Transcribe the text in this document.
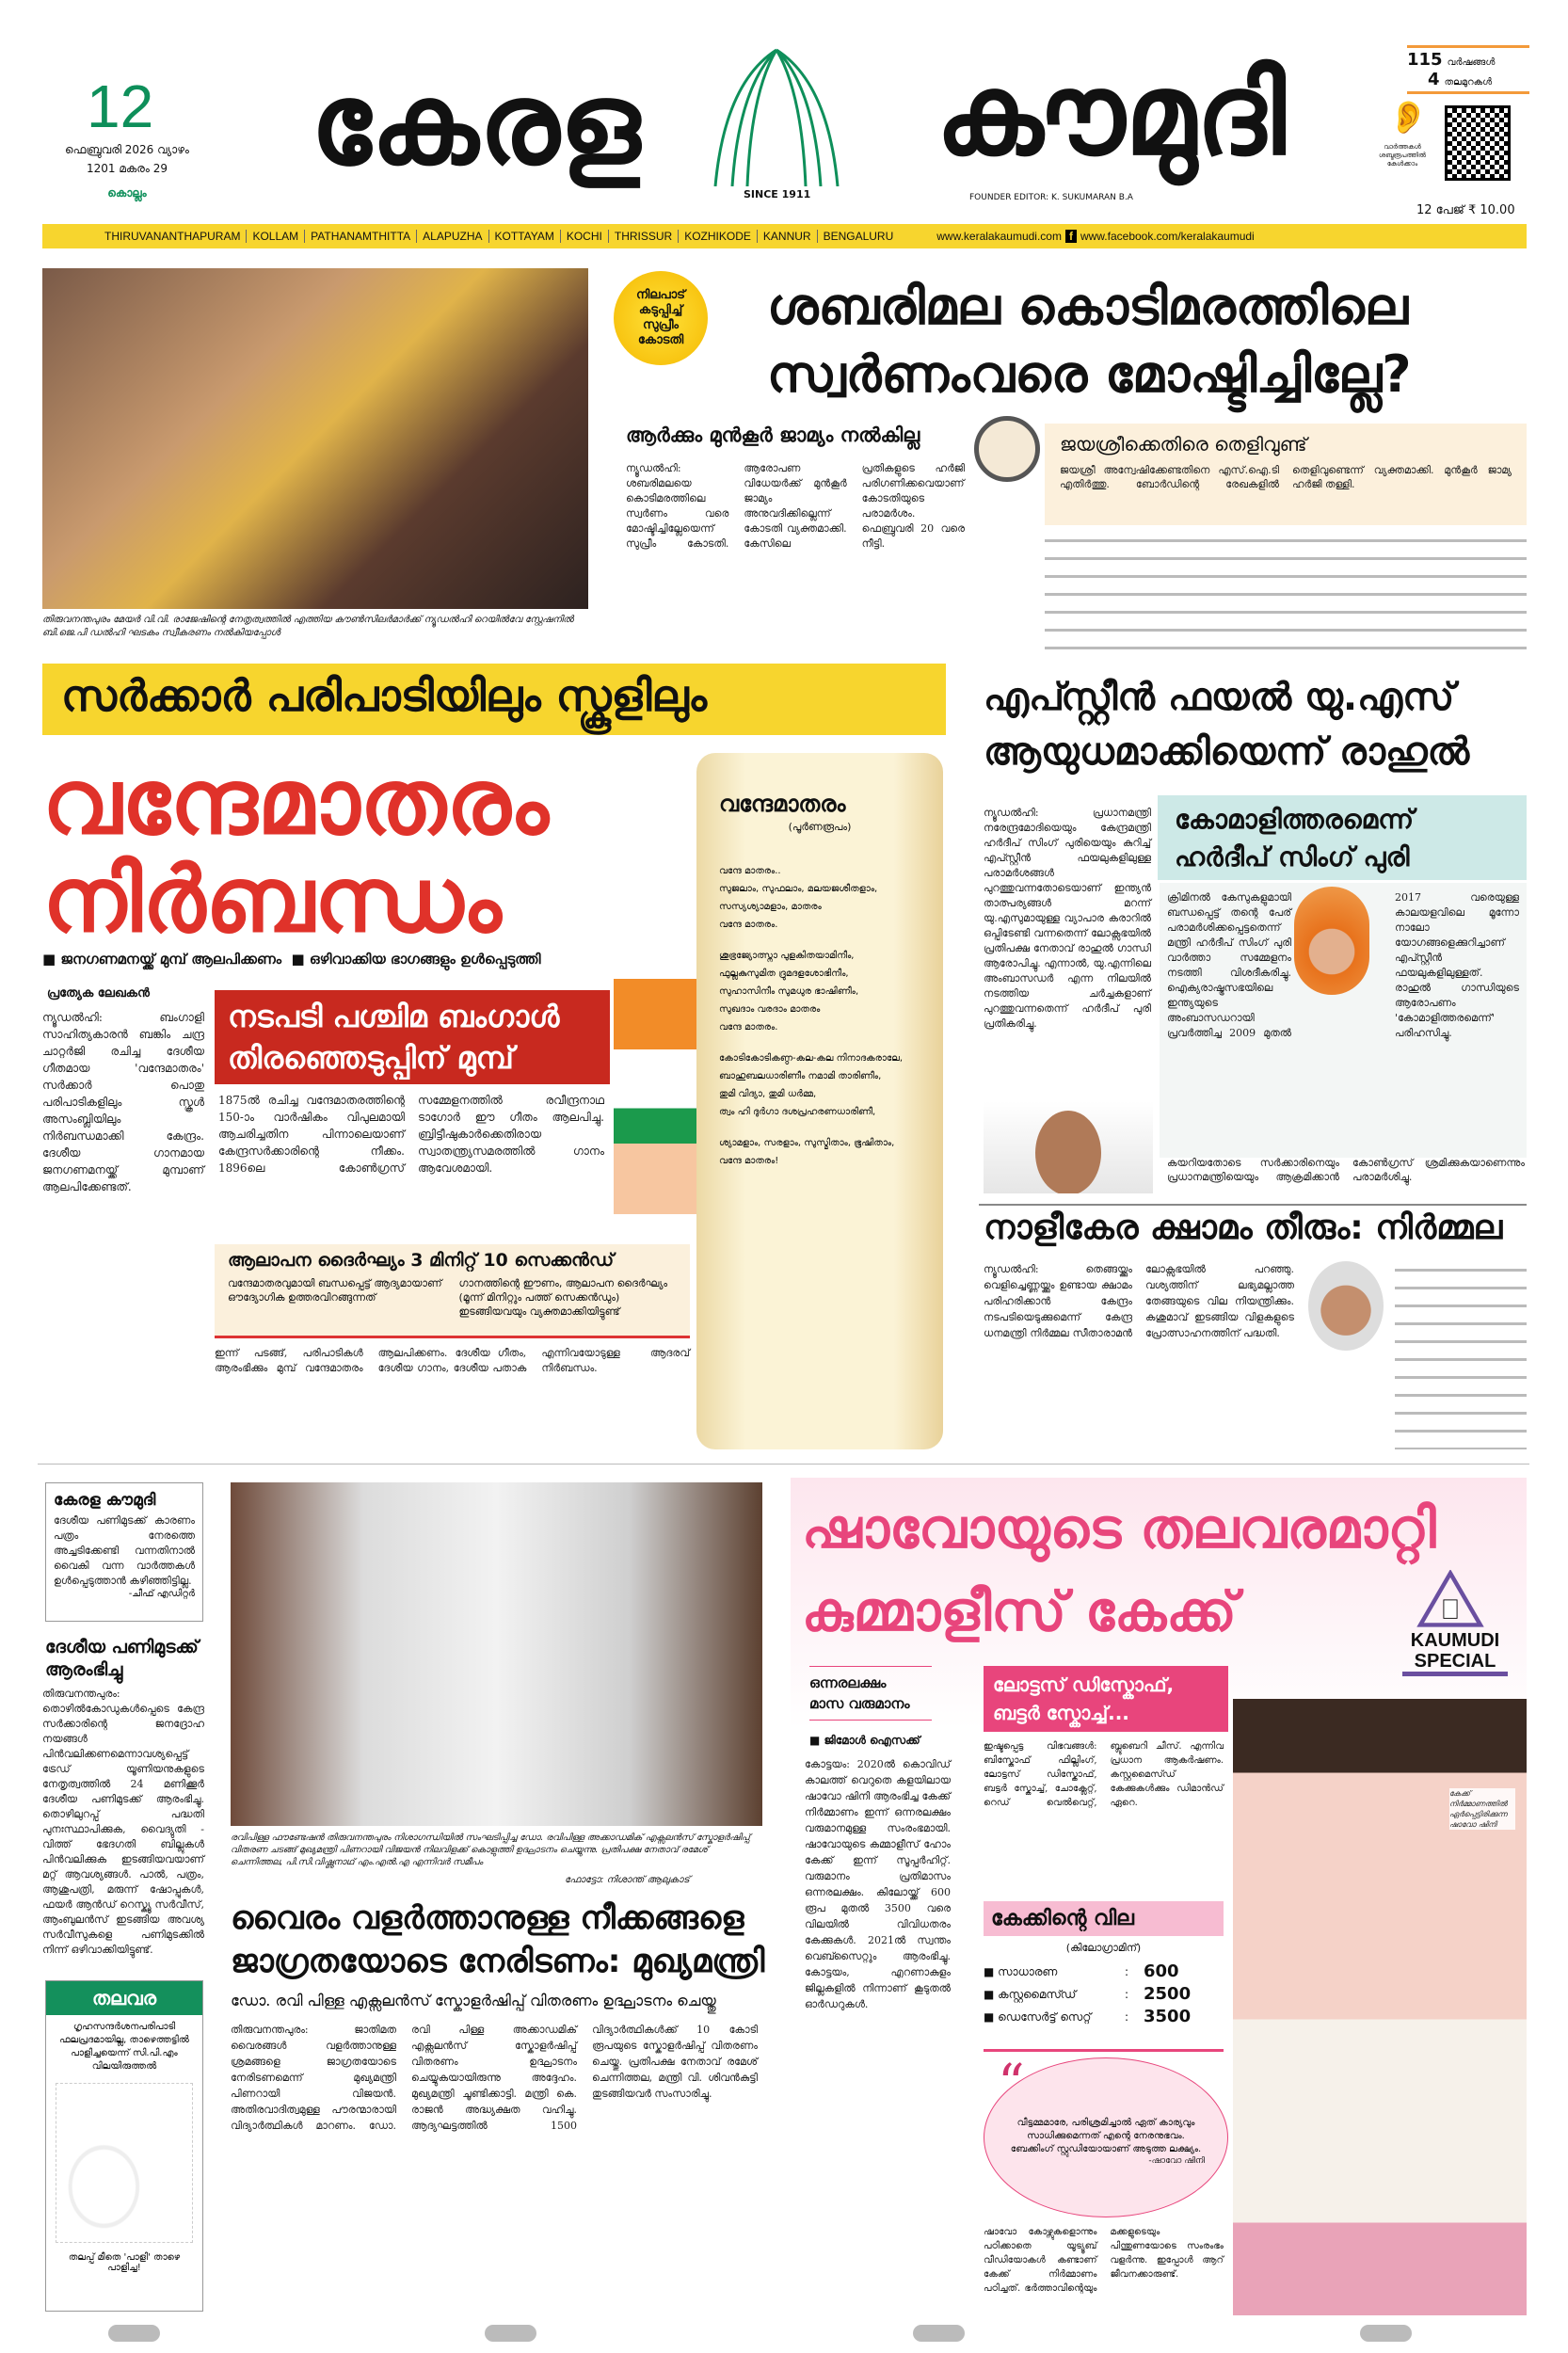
12
ഫെബ്രുവരി 2026 വ്യാഴം
1201 മകരം 29
കൊല്ലം
കേരള
SINCE 1911
കൗമുദി
FOUNDER EDITOR: K. SUKUMARAN B.A
115 വർഷങ്ങൾ
4 തലമുറകൾ
👂
വാർത്തകൾ ശബ്ദരൂപത്തിൽ കേൾക്കാം
12 പേജ് ₹ 10.00
THIRUVANANTHAPURAM	KOLLAM	PATHANAMTHITTA	ALAPUZHA	KOTTAYAM	KOCHI	THRISSUR	KOZHIKODE	KANNUR	BENGALURU	www.keralakaumudi.com f www.facebook.com/keralakaumudi
തിരുവനന്തപുരം മേയർ വി.വി. രാജേഷിന്റെ നേതൃത്വത്തിൽ എത്തിയ കൗൺസിലർമാർക്ക് ന്യൂഡൽഹി റെയിൽവേ സ്റ്റേഷനിൽ ബി.ജെ.പി ഡൽഹി ഘടകം സ്വീകരണം നൽകിയപ്പോൾ
നിലപാട്
കടുപ്പിച്ച്
സുപ്രീം
കോടതി
ശബരിമല കൊടിമരത്തിലെ
സ്വർണംവരെ മോഷ്ടിച്ചില്ലേ?
ആർക്കും മുൻകൂർ ജാമ്യം നൽകില്ല	ജയശ്രീക്കെതിരെ തെളിവുണ്ട്
ജയശ്രീ അന്വേഷിക്കേണ്ടതിനെ എസ്.ഐ.ടി എതിർത്തു. ബോർഡിന്റെ രേഖകളിൽ തെളിവുണ്ടെന്ന് വ്യക്തമാക്കി. മുൻകൂർ ജാമ്യ ഹർജി തള്ളി.
ന്യൂഡൽഹി: ശബരിമലയെ കൊടിമരത്തിലെ സ്വർണം വരെ മോഷ്ടിച്ചില്ലേയെന്ന് സുപ്രീം കോടതി. ആരോപണ വിധേയർക്ക് മുൻകൂർ ജാമ്യം അനുവദിക്കില്ലെന്ന് കോടതി വ്യക്തമാക്കി. കേസിലെ പ്രതികളുടെ ഹർജി പരിഗണിക്കവെയാണ് കോടതിയുടെ പരാമർശം. ഫെബ്രുവരി 20 വരെ നീട്ടി.
സർക്കാർ പരിപാടിയിലും സ്കൂളിലും
വന്ദേമാതരം
നിർബന്ധം
■ ജനഗണമനയ്ക്ക് മുമ്പ് ആലപിക്കണം  ■ ഒഴിവാക്കിയ ഭാഗങ്ങളും ഉൾപ്പെടുത്തി
പ്രത്യേക ലേഖകൻ
ന്യൂഡൽഹി: ബംഗാളി സാഹിത്യകാരൻ ബങ്കിം ചന്ദ്ര ചാറ്റർജി രചിച്ച ദേശീയ ഗീതമായ 'വന്ദേമാതരം' സർക്കാർ പൊതു പരിപാടികളിലും സ്കൂൾ അസംബ്ലിയിലും നിർബന്ധമാക്കി കേന്ദ്രം. ദേശീയ ഗാനമായ ജനഗണമനയ്ക്ക് മുമ്പാണ് ആലപിക്കേണ്ടത്.
നടപടി പശ്ചിമ ബംഗാൾ
തിരഞ്ഞെടുപ്പിന് മുമ്പ്
1875ൽ രചിച്ച വന്ദേമാതരത്തിന്റെ 150-ാം വാർഷികം വിപുലമായി ആചരിച്ചതിന പിന്നാലെയാണ് കേന്ദ്രസർക്കാരിന്റെ നീക്കം. 1896ലെ കോൺഗ്രസ് സമ്മേളനത്തിൽ രവീന്ദ്രനാഥ ടാഗോർ ഈ ഗീതം ആലപിച്ചു. ബ്രിട്ടീഷുകാർക്കെതിരായ സ്വാതന്ത്ര്യസമരത്തിൽ ഗാനം ആവേശമായി.
ആലാപന ദൈർഘ്യം 3 മിനിറ്റ് 10 സെക്കൻഡ്
വന്ദേമാതരവുമായി ബന്ധപ്പെട്ട് ആദ്യമായാണ് ഔദ്യോഗിക ഉത്തരവിറങ്ങുന്നത്
ഗാനത്തിന്റെ ഈണം, ആലാപന ദൈർഘ്യം (മൂന്ന് മിനിറ്റും പത്ത് സെക്കൻഡും) ഇടങ്ങിയവയും വ്യക്തമാക്കിയിട്ടുണ്ട്
ഇന്ന് പടങ്ങ്, പരിപാടികൾ ആരംഭിക്കും മുമ്പ് വന്ദേമാതരം ആലപിക്കണം. ദേശീയ ഗീതം, ദേശീയ ഗാനം, ദേശീയ പതാക എന്നിവയോടുള്ള ആദരവ് നിർബന്ധം.
വന്ദേമാതരം
(പൂർണരൂപം)
വന്ദേ മാതരം..
സുജലാം, സുഫലാം, മലയജശീതളാം,
സസ്യശ്യാമളാം, മാതരം
വന്ദേ മാതരം.
ശുഭ്രജ്യോത്സ്നാ പുളകിതയാമിനീം,
ഫുല്ലകുസുമിത ദ്രുമദളശോഭിനീം,
സുഹാസിനീം സുമധുര ഭാഷിണീം,
സുഖദാം വരദാം മാതരം
വന്ദേ മാതരം.
കോടികോടികണ്ഠ-കല-കല നിനാദകരാലേ,
ബാഹുബലധാരിണീം നമാമി താരിണീം,
തുമി വിദ്യാ, തുമി ധർമ്മ,
ത്വം ഹി ദുർഗാ ദശപ്രഹരണധാരിണീ,
ശ്യാമളാം, സരളാം, സുസ്മിതാം, ഭൂഷിതാം,
വന്ദേ മാതരം!
എപ്സ്റ്റീൻ ഫയൽ യു.എസ്
ആയുധമാക്കിയെന്ന് രാഹുൽ
ന്യൂഡൽഹി: പ്രധാനമന്ത്രി നരേന്ദ്രമോദിയെയും കേന്ദ്രമന്ത്രി ഹർദീപ് സിംഗ് പുരിയെയും കുറിച്ച് എപ്സ്റ്റീൻ ഫയലുകളിലുള്ള പരാമർശങ്ങൾ പുറത്തുവന്നതോടെയാണ് ഇന്ത്യൻ താത്പര്യങ്ങൾ മറന്ന് യു.എസുമായുള്ള വ്യാപാര കരാറിൽ ഒപ്പിടേണ്ടി വന്നതെന്ന് ലോക്സഭയിൽ പ്രതിപക്ഷ നേതാവ് രാഹുൽ ഗാന്ധി ആരോപിച്ചു. എന്നാൽ, യു.എന്നിലെ അംബാസഡർ എന്ന നിലയിൽ നടത്തിയ ചർച്ചകളാണ് പുറത്തുവന്നതെന്ന് ഹർദീപ് പുരി പ്രതികരിച്ചു.
കോമാളിത്തരമെന്ന്
ഹർദീപ് സിംഗ് പുരി
ക്രിമിനൽ കേസുകളുമായി ബന്ധപ്പെട്ട് തന്റെ പേര് പരാമർശിക്കപ്പെട്ടതെന്ന് മന്ത്രി ഹർദീപ് സിംഗ് പുരി വാർത്താ സമ്മേളനം നടത്തി വിശദീകരിച്ചു. ഐക്യരാഷ്ട്രസഭയിലെ ഇന്ത്യയുടെ അംബാസഡറായി പ്രവർത്തിച്ച 2009 മുതൽ 2017 വരെയുള്ള കാലയളവിലെ മൂന്നോ നാലോ യോഗങ്ങളെക്കുറിച്ചാണ് എപ്സ്റ്റീൻ ഫയലുകളിലുള്ളത്. രാഹുൽ ഗാന്ധിയുടെ ആരോപണം 'കോമാളിത്തരമെന്ന്' പരിഹസിച്ചു.
കയറിയതോടെ സർക്കാരിനെയും പ്രധാനമന്ത്രിയെയും ആക്രമിക്കാൻ കോൺഗ്രസ് ശ്രമിക്കുകയാണെന്നും പരാമർശിച്ചു.
നാളീകേര ക്ഷാമം തീരും: നിർമ്മല
ന്യൂഡൽഹി: തെങ്ങയ്ക്കും വെളിച്ചെണ്ണയ്ക്കും ഉണ്ടായ ക്ഷാമം പരിഹരിക്കാൻ കേന്ദ്രം നടപടിയെടുക്കുമെന്ന് കേന്ദ്ര ധനമന്ത്രി നിർമ്മല സീതാരാമൻ ലോക്സഭയിൽ പറഞ്ഞു. വശ്യത്തിന് ലഭ്യമല്ലാത്ത തേങ്ങയുടെ വില നിയന്ത്രിക്കും. കശുമാവ് ഇടങ്ങിയ വിളകളുടെ പ്രോത്സാഹനത്തിന് പദ്ധതി.
കേരള കൗമുദി
ദേശീയ പണിമുടക്ക് കാരണം പത്രം നേരത്തെ അച്ചടിക്കേണ്ടി വന്നതിനാൽ വൈകി വന്ന വാർത്തകൾ ഉൾപ്പെടുത്താൻ കഴിഞ്ഞിട്ടില്ല.
-ചീഫ് എഡിറ്റർ
ദേശീയ പണിമുടക്ക് ആരംഭിച്ചു
തിരുവനന്തപുരം: തൊഴിൽകോഡുകൾപ്പെടെ കേന്ദ്ര സർക്കാരിന്റെ ജനദ്രോഹ നയങ്ങൾ പിൻവലിക്കണമെന്നാവശ്യപ്പെട്ട് ട്രേഡ് യൂണിയനുകളുടെ നേതൃത്വത്തിൽ 24 മണിക്കൂർ ദേശീയ പണിമുടക്ക് ആരംഭിച്ചു. തൊഴിലുറപ്പ് പദ്ധതി പുനഃസ്ഥാപിക്കുക, വൈദ്യുതി - വിത്ത് ഭേദഗതി ബില്ലുകൾ പിൻവലിക്കുക ഇടങ്ങിയവയാണ് മറ്റ് ആവശ്യങ്ങൾ. പാൽ, പത്രം, ആശുപത്രി, മരുന്ന് ഷോപ്പുകൾ, ഫയർ ആൻഡ് റെസ്ക്യൂ സർവീസ്, ആംബുലൻസ് ഇടങ്ങിയ അവശ്യ സർവീസുകളെ പണിമുടക്കിൽ നിന്ന് ഒഴിവാക്കിയിട്ടുണ്ട്.
തലവര
ഗൃഹസന്ദർശനപരിപാടി ഫലപ്രദമായില്ല, താഴെത്തട്ടിൽ പാളിച്ചയെന്ന് സി.പി.എം വിലയിരുത്തൽ
തലപ്പ് മീതെ 'പാളി' താഴെ പാളിച്ച!
രവിപിള്ള ഫൗണ്ടേഷൻ തിരുവനന്തപുരം നിശാഗന്ധിയിൽ സംഘടിപ്പിച്ച ഡോ. രവിപിള്ള അക്കാഡമിക് എക്സലൻസ് സ്കോളർഷിപ്പ് വിതരണ ചടങ്ങ് മുഖ്യമന്ത്രി പിണറായി വിജയൻ നിലവിളക്ക് കൊളുത്തി ഉദ്ഘാടനം ചെയ്യുന്നു. പ്രതിപക്ഷ നേതാവ് രമേശ് ചെന്നിത്തല, പി.സി.വിഷ്ണുനാഥ് എം.എൽ.എ എന്നിവർ സമീപം
ഫോട്ടോ: നിശാന്ത് ആലുകാട്
വൈരം വളർത്താനുള്ള നീക്കങ്ങളെ
ജാഗ്രതയോടെ നേരിടണം: മുഖ്യമന്ത്രി
ഡോ. രവി പിള്ള എക്സലൻസ് സ്കോളർഷിപ്പ് വിതരണം ഉദ്ഘാടനം ചെയ്തു
തിരുവനന്തപുരം: ജാതിമത വൈരങ്ങൾ വളർത്താനുള്ള ശ്രമങ്ങളെ ജാഗ്രതയോടെ നേരിടണമെന്ന് മുഖ്യമന്ത്രി പിണറായി വിജയൻ. അതിരവാദിത്വമുള്ള പൗരന്മാരായി വിദ്യാർത്ഥികൾ മാറണം. ഡോ. രവി പിള്ള അക്കാഡമിക് എക്സലൻസ് സ്കോളർഷിപ്പ് വിതരണം ഉദ്ഘാടനം ചെയ്യുകയായിരുന്നു അദ്ദേഹം. മുഖ്യമന്ത്രി ചൂണ്ടിക്കാട്ടി. മന്ത്രി കെ. രാജൻ അദ്ധ്യക്ഷത വഹിച്ചു. ആദ്യഘട്ടത്തിൽ 1500 വിദ്യാർത്ഥികൾക്ക് 10 കോടി രൂപയുടെ സ്കോളർഷിപ്പ് വിതരണം ചെയ്തു. പ്രതിപക്ഷ നേതാവ് രമേശ് ചെന്നിത്തല, മന്ത്രി വി. ശിവൻകുട്ടി തുടങ്ങിയവർ സംസാരിച്ചു.
ഷാവോയുടെ തലവരമാറ്റി
കുമ്മാളീസ് കേക്ക്	KAUMUDI
SPECIAL
ഒന്നരലക്ഷം
മാസ വരുമാനം
■ ജിമോൾ ഐസക്ക്
കോട്ടയം: 2020ൽ കൊവിഡ് കാലത്ത് വെറുതെ കളയിലായ ഷാവോ ഷിനി ആരംഭിച്ച കേക്ക് നിർമ്മാണം ഇന്ന് ഒന്നരലക്ഷം വരുമാനമുള്ള സംരംഭമായി. ഷാവോയുടെ കമ്മാളീസ് ഹോം കേക്ക് ഇന്ന് സൂപ്പർഹിറ്റ്. വരുമാനം പ്രതിമാസം ഒന്നരലക്ഷം. കിലോയ്ക്ക് 600 രൂപ മുതൽ 3500 വരെ വിലയിൽ വിവിധതരം കേക്കുകൾ. 2021ൽ സ്വന്തം വെബ്സൈറ്റും ആരംഭിച്ചു. കോട്ടയം, എറണാകുളം ജില്ലകളിൽ നിന്നാണ് കൂടുതൽ ഓർഡറുകൾ.
ലോട്ടസ് ഡിസ്കോഫ്,
ബട്ടർ സ്കോച്ച്...
കേക്ക് നിർമ്മാണത്തിൽ ഏർപ്പെട്ടിരിക്കുന്ന ഷാവോ ഷിനി
ഇഷ്ടപ്പെട്ട വിഭവങ്ങൾ: ബിസ്കോഫ് ഫില്ലിംഗ്, ലോട്ടസ് ഡിസ്കോഫ്, ബട്ടർ സ്കോച്ച്, ചോക്ലേറ്റ്, റെഡ് വെൽവെറ്റ്, ബ്ലൂബെറി ചീസ്. എന്നിവ പ്രധാന ആകർഷണം. കസ്റ്റമൈസ്ഡ് കേക്കുകൾക്കും ഡിമാൻഡ് ഏറെ.
കേക്കിന്റെ വില
(കിലോഗ്രാമിന്)
■ സാധാരണ	: 600
■ കസ്റ്റമൈസ്ഡ്	: 2500
■ ഡെസേർട്ട് സെറ്റ്	: 3500
“
വീട്ടമ്മമാരേ, പരിശ്രമിച്ചാൽ ഏത് കാര്യവും സാധിക്കുമെന്നത് എന്റെ നേരനുഭവം. ബേക്കിംഗ് സ്റ്റുഡിയോയാണ് അടുത്ത ലക്ഷ്യം.
-ഷാവോ ഷിനി
ഷാവോ കോഴ്സുകളൊന്നും പഠിക്കാതെ യൂട്യൂബ് വീഡിയോകൾ കണ്ടാണ് കേക്ക് നിർമ്മാണം പഠിച്ചത്. ഭർത്താവിന്റെയും മക്കളുടെയും പിന്തുണയോടെ സംരംഭം വളർന്നു. ഇപ്പോൾ ആറ് ജീവനക്കാരുണ്ട്.
